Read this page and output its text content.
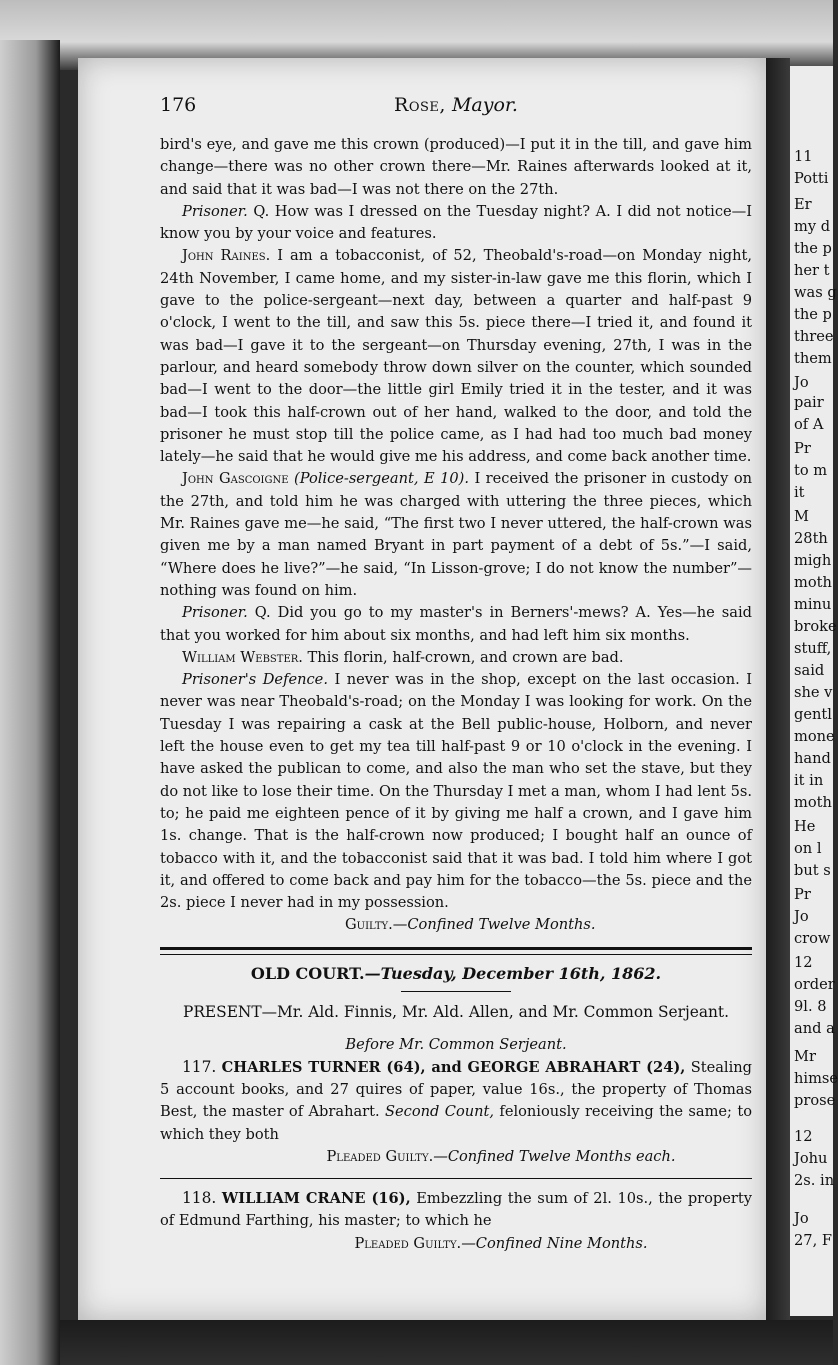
176	Rose, Mayor.

bird's eye, and gave me this crown (produced)—I put it in the till, and gave him change—there was no other crown there—Mr. Raines afterwards looked at it, and said that it was bad—I was not there on the 27th.

Prisoner. Q. How was I dressed on the Tuesday night? A. I did not notice—I know you by your voice and features.

John Raines. I am a tobacconist, of 52, Theobald's-road—on Monday night, 24th November, I came home, and my sister-in-law gave me this florin, which I gave to the police-sergeant—next day, between a quarter and half-past 9 o'clock, I went to the till, and saw this 5s. piece there—I tried it, and found it was bad—I gave it to the sergeant—on Thursday evening, 27th, I was in the parlour, and heard somebody throw down silver on the counter, which sounded bad—I went to the door—the little girl Emily tried it in the tester, and it was bad—I took this half-crown out of her hand, walked to the door, and told the prisoner he must stop till the police came, as I had had too much bad money lately—he said that he would give me his address, and come back another time.

John Gascoigne (Police-sergeant, E 10). I received the prisoner in custody on the 27th, and told him he was charged with uttering the three pieces, which Mr. Raines gave me—he said, “The first two I never uttered, the half-crown was given me by a man named Bryant in part payment of a debt of 5s.”—I said, “Where does he live?”—he said, “In Lisson-grove; I do not know the number”—nothing was found on him.

Prisoner. Q. Did you go to my master's in Berners'-mews? A. Yes—he said that you worked for him about six months, and had left him six months.

William Webster. This florin, half-crown, and crown are bad.

Prisoner's Defence. I never was in the shop, except on the last occasion. I never was near Theobald's-road; on the Monday I was looking for work. On the Tuesday I was repairing a cask at the Bell public-house, Holborn, and never left the house even to get my tea till half-past 9 or 10 o'clock in the evening. I have asked the publican to come, and also the man who set the stave, but they do not like to lose their time. On the Thursday I met a man, whom I had lent 5s. to; he paid me eighteen pence of it by giving me half a crown, and I gave him 1s. change. That is the half-crown now produced; I bought half an ounce of tobacco with it, and the tobacconist said that it was bad. I told him where I got it, and offered to come back and pay him for the tobacco—the 5s. piece and the 2s. piece I never had in my possession.

Guilty.—Confined Twelve Months.

OLD COURT.—Tuesday, December 16th, 1862.

PRESENT—Mr. Ald. Finnis, Mr. Ald. Allen, and Mr. Common Serjeant.

Before Mr. Common Serjeant.

117. CHARLES TURNER (64), and GEORGE ABRAHART (24), Stealing 5 account books, and 27 quires of paper, value 16s., the property of Thomas Best, the master of Abrahart. Second Count, feloniously receiving the same; to which they both

Pleaded Guilty.—Confined Twelve Months each.

118. WILLIAM CRANE (16), Embezzling the sum of 2l. 10s., the property of Edmund Farthing, his master; to which he

Pleaded Guilty.—Confined Nine Months.

11
Potti
Er
my d
the p
her t
was g
the p
three
them
Jo
pair
of A
Pr
to m
it
M
28th
migh
moth
minu
broke
stuff,
said
she v
gentl
mone
hand
it in
moth
He
on l
but s
Pr
Jo
crow
12
order
9l. 8
and a
Mr
himse
prose
12
Johu
2s. in
Jo
27, F
